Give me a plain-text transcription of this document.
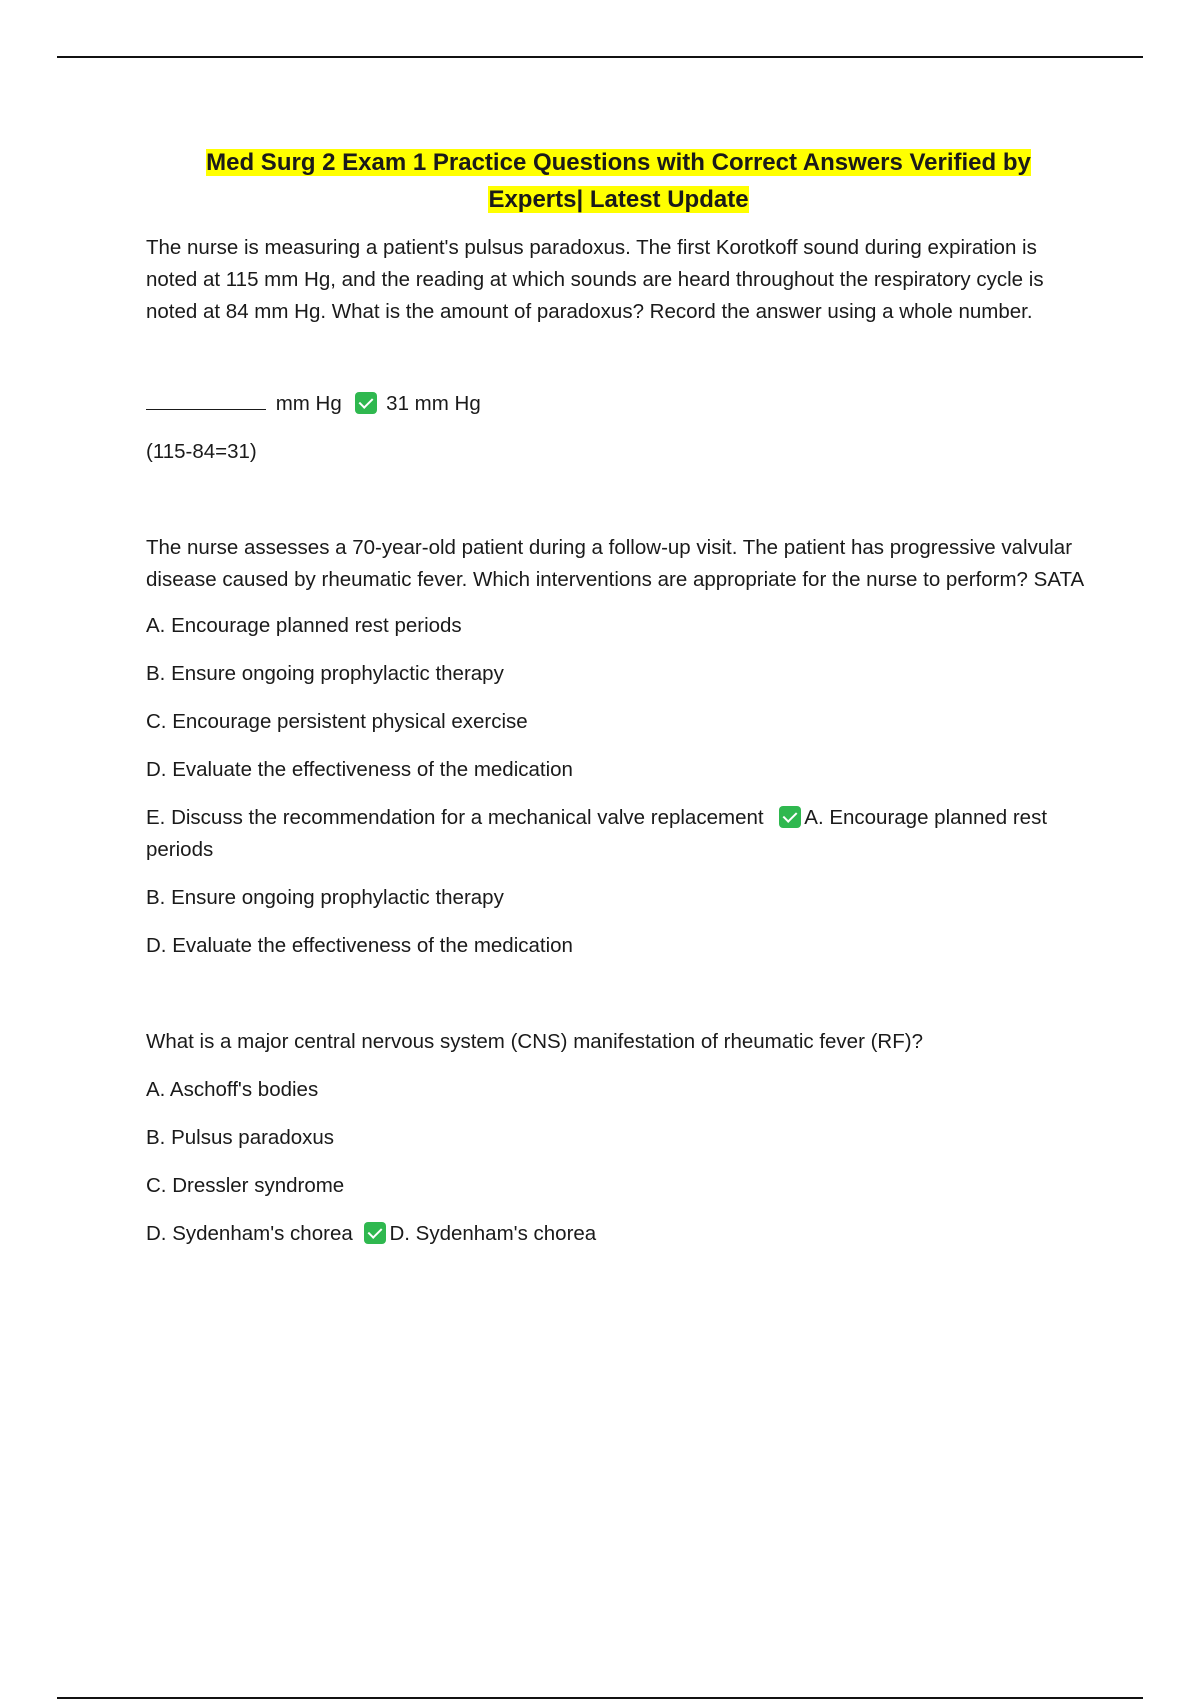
Med Surg 2 Exam 1 Practice Questions with Correct Answers Verified by
Experts| Latest Update

The nurse is measuring a patient's pulsus paradoxus. The first Korotkoff sound during expiration is noted at 115 mm Hg, and the reading at which sounds are heard throughout the respiratory cycle is noted at 84 mm Hg. What is the amount of paradoxus? Record the answer using a whole number.

mm Hg 31 mm Hg

(115-84=31)

The nurse assesses a 70-year-old patient during a follow-up visit. The patient has progressive valvular disease caused by rheumatic fever. Which interventions are appropriate for the nurse to perform? SATA

A. Encourage planned rest periods

B. Ensure ongoing prophylactic therapy

C. Encourage persistent physical exercise

D. Evaluate the effectiveness of the medication

E. Discuss the recommendation for a mechanical valve replacement A. Encourage planned rest periods

B. Ensure ongoing prophylactic therapy

D. Evaluate the effectiveness of the medication

What is a major central nervous system (CNS) manifestation of rheumatic fever (RF)?

A. Aschoff's bodies

B. Pulsus paradoxus

C. Dressler syndrome

D. Sydenham's chorea D. Sydenham's chorea
